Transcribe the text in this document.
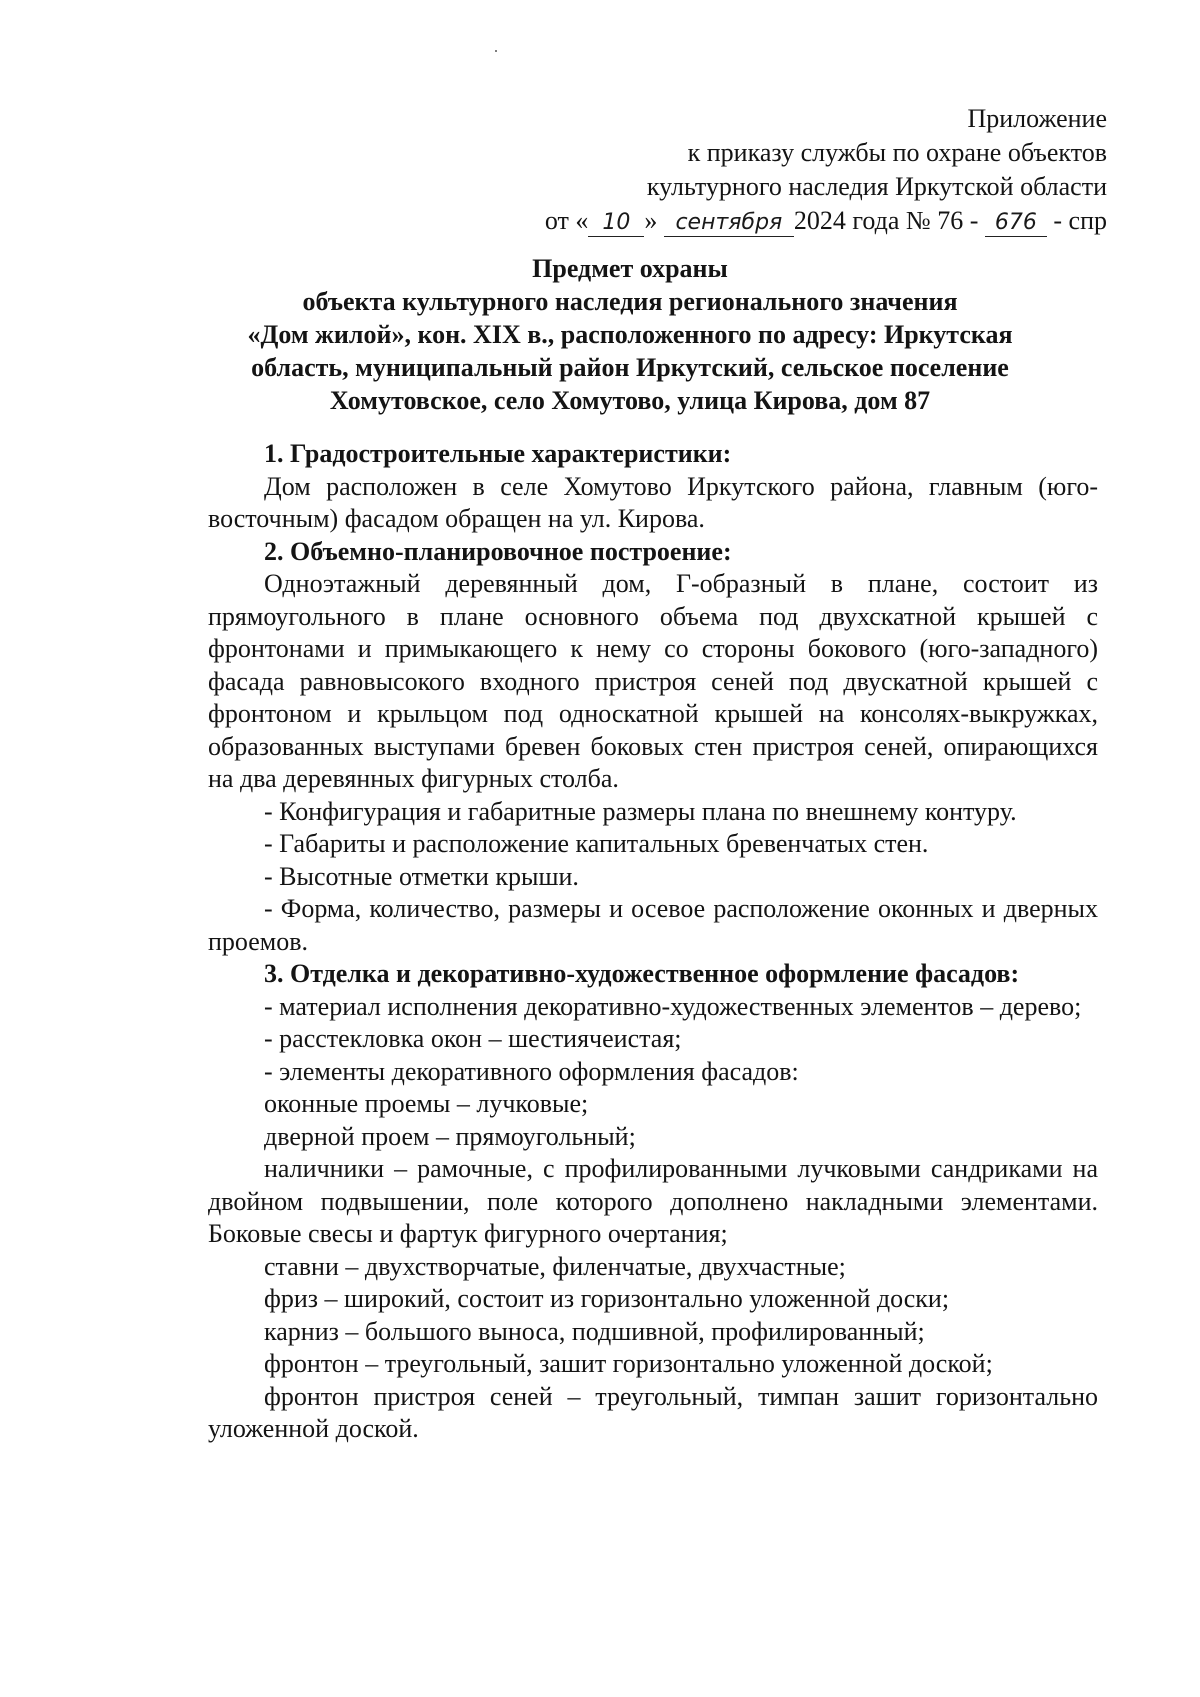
Приложение
к приказу службы по охране объектов
культурного наследия Иркутской области
от « 10 » сентября 2024 года № 76 - 676 - спр
Предмет охраны
объекта культурного наследия регионального значения
«Дом жилой», кон. XIX в., расположенного по адресу: Иркутская
область, муниципальный район Иркутский, сельское поселение
Хомутовское, село Хомутово, улица Кирова, дом 87

1. Градостроительные характеристики:

Дом расположен в селе Хомутово Иркутского района, главным (юго-восточным) фасадом обращен на ул. Кирова.

2. Объемно-планировочное построение:

Одноэтажный деревянный дом, Г-образный в плане, состоит из прямоугольного в плане основного объема под двухскатной крышей с фронтонами и примыкающего к нему со стороны бокового (юго-западного) фасада равновысокого входного пристроя сеней под двускатной крышей с фронтоном и крыльцом под односкатной крышей на консолях-выкружках, образованных выступами бревен боковых стен пристроя сеней, опирающихся на два деревянных фигурных столба.

- Конфигурация и габаритные размеры плана по внешнему контуру.

- Габариты и расположение капитальных бревенчатых стен.

- Высотные отметки крыши.

- Форма, количество, размеры и осевое расположение оконных и дверных проемов.

3. Отделка и декоративно-художественное оформление фасадов:

- материал исполнения декоративно-художественных элементов – дерево;

- расстекловка окон – шестиячеистая;

- элементы декоративного оформления фасадов:

оконные проемы – лучковые;

дверной проем – прямоугольный;

наличники – рамочные, с профилированными лучковыми сандриками на двойном подвышении, поле которого дополнено накладными элементами. Боковые свесы и фартук фигурного очертания;

ставни – двухстворчатые, филенчатые, двухчастные;

фриз – широкий, состоит из горизонтально уложенной доски;

карниз – большого выноса, подшивной, профилированный;

фронтон – треугольный, зашит горизонтально уложенной доской;

фронтон пристроя сеней – треугольный, тимпан зашит горизонтально уложенной доской.
